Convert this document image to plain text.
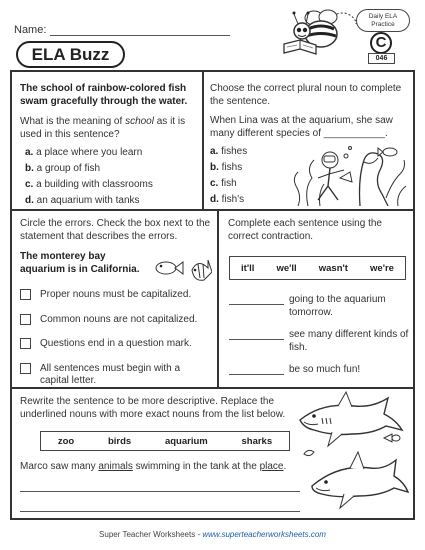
Name:
ELA Buzz
Daily ELA
Practice
C
046
The school of rainbow-colored fish swam gracefully through the water.
What is the meaning of school as it is used in this sentence?
a. a place where you learn
b. a group of fish
c. a building with classrooms
d. an aquarium with tanks
Choose the correct plural noun to complete the sentence.
When Lina was at the aquarium, she saw many different species of ___________.
a. fishes
b. fishs
c. fish
d. fish's
Circle the errors. Check the box next to the statement that describes the errors.
The monterey bay aquarium is in California.
Proper nouns must be capitalized.
Common nouns are not capitalized.
Questions end in a question mark.
All sentences must begin with a capital letter.
Complete each sentence using the correct contraction.
it'll we'll wasn't we're
going to the aquarium tomorrow.
see many different kinds of fish.
be so much fun!
Rewrite the sentence to be more descriptive. Replace the underlined nouns with more exact nouns from the list below.
zoo	birds	aquarium	sharks
Marco saw many animals swimming in the tank at the place.
Super Teacher Worksheets - www.superteacherworksheets.com
